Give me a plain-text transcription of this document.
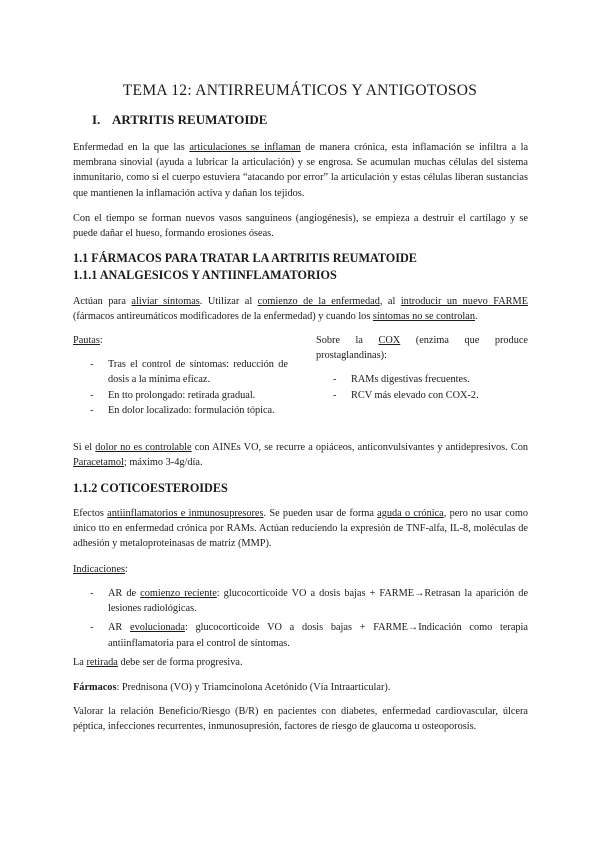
TEMA 12: ANTIRREUMÁTICOS Y ANTIGOTOSOS
I. ARTRITIS REUMATOIDE

Enfermedad en la que las articulaciones se inflaman de manera crónica, esta inflamación se infiltra a la membrana sinovial (ayuda a lubricar la articulación) y se engrosa. Se acumulan muchas células del sistema inmunitario, como si el cuerpo estuviera “atacando por error” la articulación y estas células liberan sustancias que mantienen la inflamación activa y dañan los tejidos.

Con el tiempo se forman nuevos vasos sanguíneos (angiogénesis), se empieza a destruir el cartílago y se puede dañar el hueso, formando erosiones óseas.

1.1 FÁRMACOS PARA TRATAR LA ARTRITIS REUMATOIDE
1.1.1 ANALGESICOS Y ANTIINFLAMATORIOS

Actúan para aliviar síntomas. Utilizar al comienzo de la enfermedad, al introducir un nuevo FARME (fármacos antireumáticos modificadores de la enfermedad) y cuando los síntomas no se controlan.

Pautas:
- Tras el control de síntomas: reducción de dosis a la mínima eficaz.
- En tto prolongado: retirada gradual.
- En dolor localizado: formulación tópica.

Sobre la COX (enzima que produce prostaglandinas):

- RAMs digestivas frecuentes.
- RCV más elevado con COX-2.

Si el dolor no es controlable con AINEs VO, se recurre a opiáceos, anticonvulsivantes y antidepresivos. Con Paracetamol; máximo 3-4g/día.

1.1.2 COTICOESTEROIDES

Efectos antiinflamatorios e inmunosupresores. Se pueden usar de forma aguda o crónica, pero no usar como único tto en enfermedad crónica por RAMs. Actúan reduciendo la expresión de TNF-alfa, IL-8, moléculas de adhesión y metaloproteinasas de matriz (MMP).

Indicaciones:

- AR de comienzo reciente: glucocorticoide VO a dosis bajas + FARME→Retrasan la aparición de lesiones radiológicas.
- AR evolucionada: glucocorticoide VO a dosis bajas + FARME→Indicación como terapia antiinflamatoria para el control de síntomas.

La retirada debe ser de forma progresiva.

Fármacos: Prednisona (VO) y Triamcinolona Acetónido (Vía Intraarticular).

Valorar la relación Beneficio/Riesgo (B/R) en pacientes con diabetes, enfermedad cardiovascular, úlcera péptica, infecciones recurrentes, inmunosupresión, factores de riesgo de glaucoma u osteoporosis.
